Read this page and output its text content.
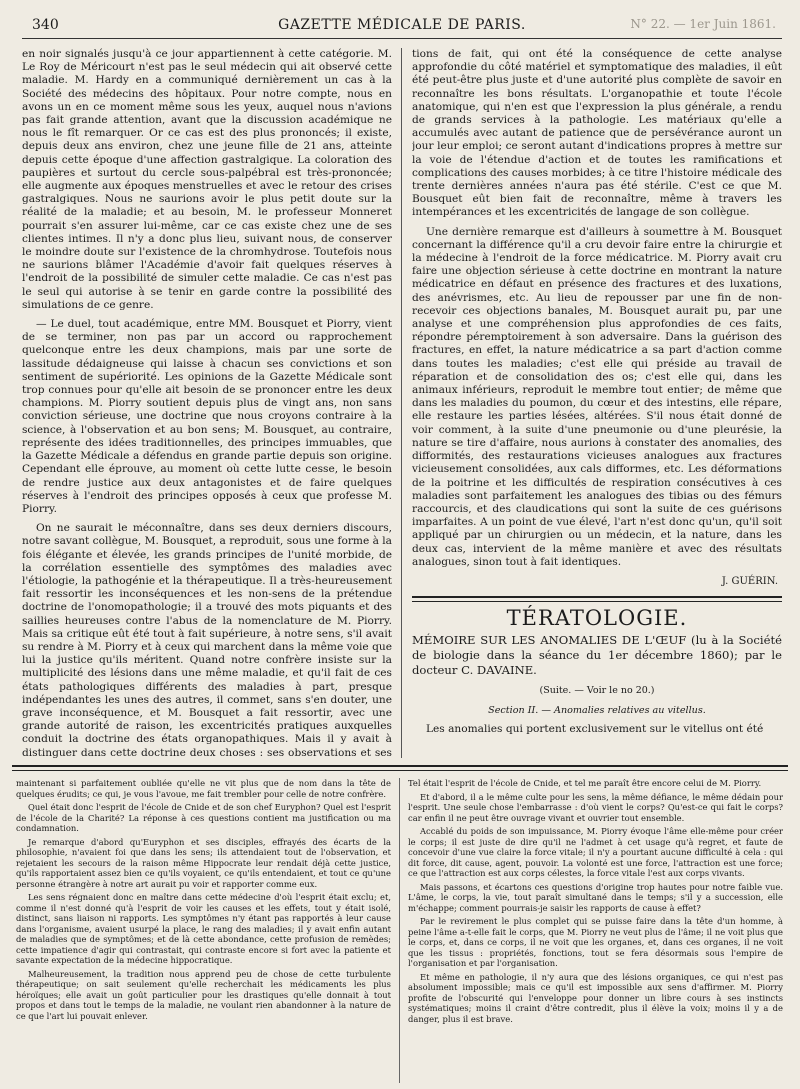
340	GAZETTE MÉDICALE DE PARIS.	N° 22. — 1er Juin 1861.

en noir signalés jusqu'à ce jour appartiennent à cette catégorie. M. Le Roy de Méricourt n'est pas le seul médecin qui ait observé cette maladie. M. Hardy en a communiqué dernièrement un cas à la Société des médecins des hôpitaux. Pour notre compte, nous en avons un en ce moment même sous les yeux, auquel nous n'avions pas fait grande attention, avant que la discussion académique ne nous le fît remarquer. Or ce cas est des plus prononcés; il existe, depuis deux ans environ, chez une jeune fille de 21 ans, atteinte depuis cette époque d'une affection gastralgique. La coloration des paupières et surtout du cercle sous-palpébral est très-prononcée; elle augmente aux époques menstruelles et avec le retour des crises gastralgiques. Nous ne saurions avoir le plus petit doute sur la réalité de la maladie; et au besoin, M. le professeur Monneret pourrait s'en assurer lui-même, car ce cas existe chez une de ses clientes intimes. Il n'y a donc plus lieu, suivant nous, de conserver le moindre doute sur l'existence de la chromhydrose. Toutefois nous ne saurions blâmer l'Académie d'avoir fait quelques réserves à l'endroit de la possibilité de simuler cette maladie. Ce cas n'est pas le seul qui autorise à se tenir en garde contre la possibilité des simulations de ce genre.

— Le duel, tout académique, entre MM. Bousquet et Piorry, vient de se terminer, non pas par un accord ou rapprochement quelconque entre les deux champions, mais par une sorte de lassitude dédaigneuse qui laisse à chacun ses convictions et son sentiment de supériorité. Les opinions de la Gazette Médicale sont trop connues pour qu'elle ait besoin de se prononcer entre les deux champions. M. Piorry soutient depuis plus de vingt ans, non sans conviction sérieuse, une doctrine que nous croyons contraire à la science, à l'observation et au bon sens; M. Bousquet, au contraire, représente des idées traditionnelles, des principes immuables, que la Gazette Médicale a défendus en grande partie depuis son origine. Cependant elle éprouve, au moment où cette lutte cesse, le besoin de rendre justice aux deux antagonistes et de faire quelques réserves à l'endroit des principes opposés à ceux que professe M. Piorry.

On ne saurait le méconnaître, dans ses deux derniers discours, notre savant collègue, M. Bousquet, a reproduit, sous une forme à la fois élégante et élevée, les grands principes de l'unité morbide, de la corrélation essentielle des symptômes des maladies avec l'étiologie, la pathogénie et la thérapeutique. Il a très-heureusement fait ressortir les inconséquences et les non-sens de la prétendue doctrine de l'onomopathologie; il a trouvé des mots piquants et des saillies heureuses contre l'abus de la nomenclature de M. Piorry. Mais sa critique eût été tout à fait supérieure, à notre sens, s'il avait su rendre à M. Piorry et à ceux qui marchent dans la même voie que lui la justice qu'ils méritent. Quand notre confrère insiste sur la multiplicité des lésions dans une même maladie, et qu'il fait de ces états pathologiques différents des maladies à part, presque indépendantes les unes des autres, il commet, sans s'en douter, une grave inconséquence, et M. Bousquet a fait ressortir, avec une grande autorité de raison, les excentricités pratiques auxquelles conduit la doctrine des états organopathiques. Mais il y avait à distinguer dans cette doctrine deux choses : ses observations et ses

tions de fait, qui ont été la conséquence de cette analyse approfondie du côté matériel et symptomatique des maladies, il eût été peut-être plus juste et d'une autorité plus complète de savoir en reconnaître les bons résultats. L'organopathie et toute l'école anatomique, qui n'en est que l'expression la plus générale, a rendu de grands services à la pathologie. Les matériaux qu'elle a accumulés avec autant de patience que de persévérance auront un jour leur emploi; ce seront autant d'indications propres à mettre sur la voie de l'étendue d'action et de toutes les ramifications et complications des causes morbides; à ce titre l'histoire médicale des trente dernières années n'aura pas été stérile. C'est ce que M. Bousquet eût bien fait de reconnaître, même à travers les intempérances et les excentricités de langage de son collègue.

Une dernière remarque est d'ailleurs à soumettre à M. Bousquet concernant la différence qu'il a cru devoir faire entre la chirurgie et la médecine à l'endroit de la force médicatrice. M. Piorry avait cru faire une objection sérieuse à cette doctrine en montrant la nature médicatrice en défaut en présence des fractures et des luxations, des anévrismes, etc. Au lieu de repousser par une fin de non-recevoir ces objections banales, M. Bousquet aurait pu, par une analyse et une compréhension plus approfondies de ces faits, répondre péremptoirement à son adversaire. Dans la guérison des fractures, en effet, la nature médicatrice a sa part d'action comme dans toutes les maladies; c'est elle qui préside au travail de réparation et de consolidation des os; c'est elle qui, dans les animaux inférieurs, reproduit le membre tout entier; de même que dans les maladies du poumon, du cœur et des intestins, elle répare, elle restaure les parties lésées, altérées. S'il nous était donné de voir comment, à la suite d'une pneumonie ou d'une pleurésie, la nature se tire d'affaire, nous aurions à constater des anomalies, des difformités, des restaurations vicieuses analogues aux fractures vicieusement consolidées, aux cals difformes, etc. Les déformations de la poitrine et les difficultés de respiration consécutives à ces maladies sont parfaitement les analogues des tibias ou des fémurs raccourcis, et des claudications qui sont la suite de ces guérisons imparfaites. A un point de vue élevé, l'art n'est donc qu'un, qu'il soit appliqué par un chirurgien ou un médecin, et la nature, dans les deux cas, intervient de la même manière et avec des résultats analogues, sinon tout à fait identiques.

J. GUÉRIN.
TÉRATOLOGIE.
MÉMOIRE SUR LES ANOMALIES DE L'ŒUF (lu à la Société de biologie dans la séance du 1er décembre 1860); par le docteur C. DAVAINE.
(Suite. — Voir le no 20.)
Section II. — Anomalies relatives au vitellus.

Les anomalies qui portent exclusivement sur le vitellus ont été

maintenant si parfaitement oubliée qu'elle ne vit plus que de nom dans la tête de quelques érudits; ce qui, je vous l'avoue, me fait trembler pour celle de notre confrère.

Quel était donc l'esprit de l'école de Cnide et de son chef Euryphon? Quel est l'esprit de l'école de la Charité? La réponse à ces questions contient ma justification ou ma condamnation.

Je remarque d'abord qu'Euryphon et ses disciples, effrayés des écarts de la philosophie, n'avaient foi que dans les sens; ils attendaient tout de l'observation, et rejetaient les secours de la raison même Hippocrate leur rendait déjà cette justice, qu'ils rapportaient assez bien ce qu'ils voyaient, ce qu'ils entendaient, et tout ce qu'une personne étrangère à notre art aurait pu voir et rapporter comme eux.

Les sens régnaient donc en maître dans cette médecine d'où l'esprit était exclu; et, comme il n'est donné qu'à l'esprit de voir les causes et les effets, tout y était isolé, distinct, sans liaison ni rapports. Les symptômes n'y étant pas rapportés à leur cause dans l'organisme, avaient usurpé la place, le rang des maladies; il y avait enfin autant de maladies que de symptômes; et de là cette abondance, cette profusion de remèdes; cette impatience d'agir qui contrastait, qui contraste encore si fort avec la patiente et savante expectation de la médecine hippocratique.

Malheureusement, la tradition nous apprend peu de chose de cette turbulente thérapeutique; on sait seulement qu'elle recherchait les médicaments les plus héroïques; elle avait un goût particulier pour les drastiques qu'elle donnait à tout propos et dans tout le temps de la maladie, ne voulant rien abandonner à la nature de ce que l'art lui pouvait enlever.

Tel était l'esprit de l'école de Cnide, et tel me paraît être encore celui de M. Piorry.

Et d'abord, il a le même culte pour les sens, la même défiance, le même dédain pour l'esprit. Une seule chose l'embarrasse : d'où vient le corps? Qu'est-ce qui fait le corps? car enfin il ne peut être ouvrage vivant et ouvrier tout ensemble.

Accablé du poids de son impuissance, M. Piorry évoque l'âme elle-même pour créer le corps; il est juste de dire qu'il ne l'admet à cet usage qu'à regret, et faute de concevoir d'une vue claire la force vitale; il n'y a pourtant aucune difficulté à cela : qui dit force, dit cause, agent, pouvoir. La volonté est une force, l'attraction est une force; ce que l'attraction est aux corps célestes, la force vitale l'est aux corps vivants.

Mais passons, et écartons ces questions d'origine trop hautes pour notre faible vue. L'âme, le corps, la vie, tout paraît simultané dans le temps; s'il y a succession, elle m'échappe; comment pourrais-je saisir les rapports de cause à effet?

Par le revirement le plus complet qui se puisse faire dans la tête d'un homme, à peine l'âme a-t-elle fait le corps, que M. Piorry ne veut plus de l'âme; il ne voit plus que le corps, et, dans ce corps, il ne voit que les organes, et, dans ces organes, il ne voit que les tissus : propriétés, fonctions, tout se fera désormais sous l'empire de l'organisation et par l'organisation.

Et même en pathologie, il n'y aura que des lésions organiques, ce qui n'est pas absolument impossible; mais ce qu'il est impossible aux sens d'affirmer. M. Piorry profite de l'obscurité qui l'enveloppe pour donner un libre cours à ses instincts systématiques; moins il craint d'être contredit, plus il élève la voix; moins il y a de danger, plus il est brave.
